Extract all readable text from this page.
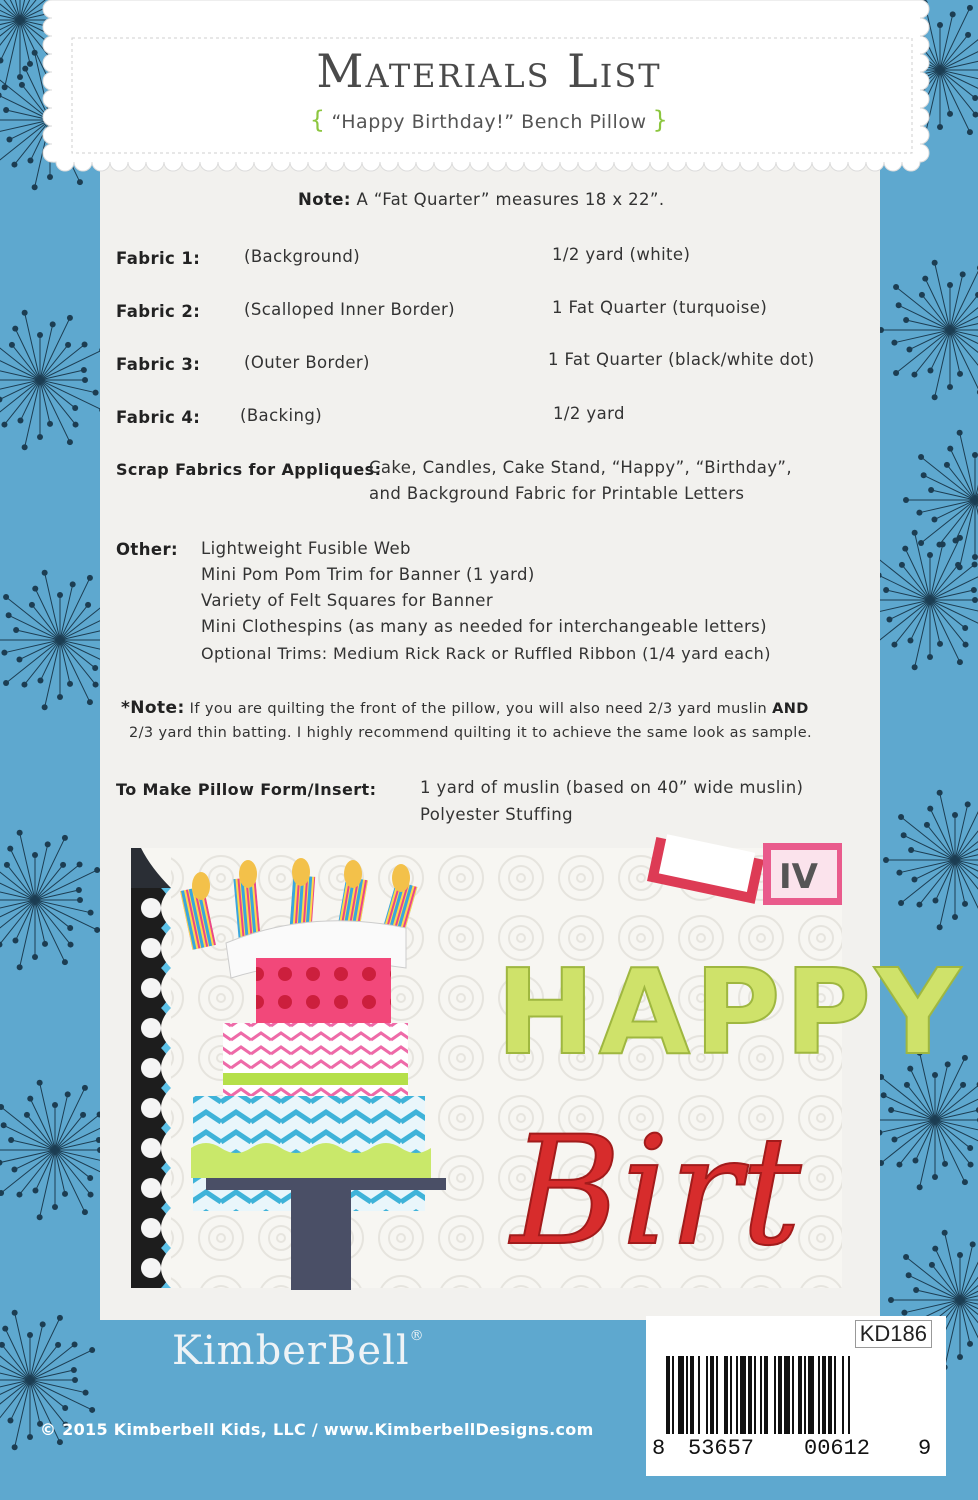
Materials List
{ “Happy Birthday!” Bench Pillow }
Note: A “Fat Quarter” measures 18 x 22”.
Fabric 1:	(Background)	1/2 yard (white)
Fabric 2:	(Scalloped Inner Border)	1 Fat Quarter (turquoise)
Fabric 3:	(Outer Border)	1 Fat Quarter (black/white dot)
Fabric 4: (Backing)	1/2 yard
Scrap Fabrics for Appliques:
Cake, Candles, Cake Stand, “Happy”, “Birthday”,
and Background Fabric for Printable Letters
Other: Lightweight Fusible Web
Mini Pom Pom Trim for Banner (1 yard)
Variety of Felt Squares for Banner
Mini Clothespins (as many as needed for interchangeable letters)
Optional Trims: Medium Rick Rack or Ruffled Ribbon (1/4 yard each)
*Note: If you are quilting the front of the pillow, you will also need 2/3 yard muslin AND
2/3 yard thin batting. I highly recommend quilting it to achieve the same look as sample.
To Make Pillow Form/Insert:	1 yard of muslin (based on 40” wide muslin)
Polyester Stuffing
IV
HAPPY
Birt
KimberBell®
© 2015 Kimberbell Kids, LLC / www.KimberbellDesigns.com
KD186
8 53657 00612 9
